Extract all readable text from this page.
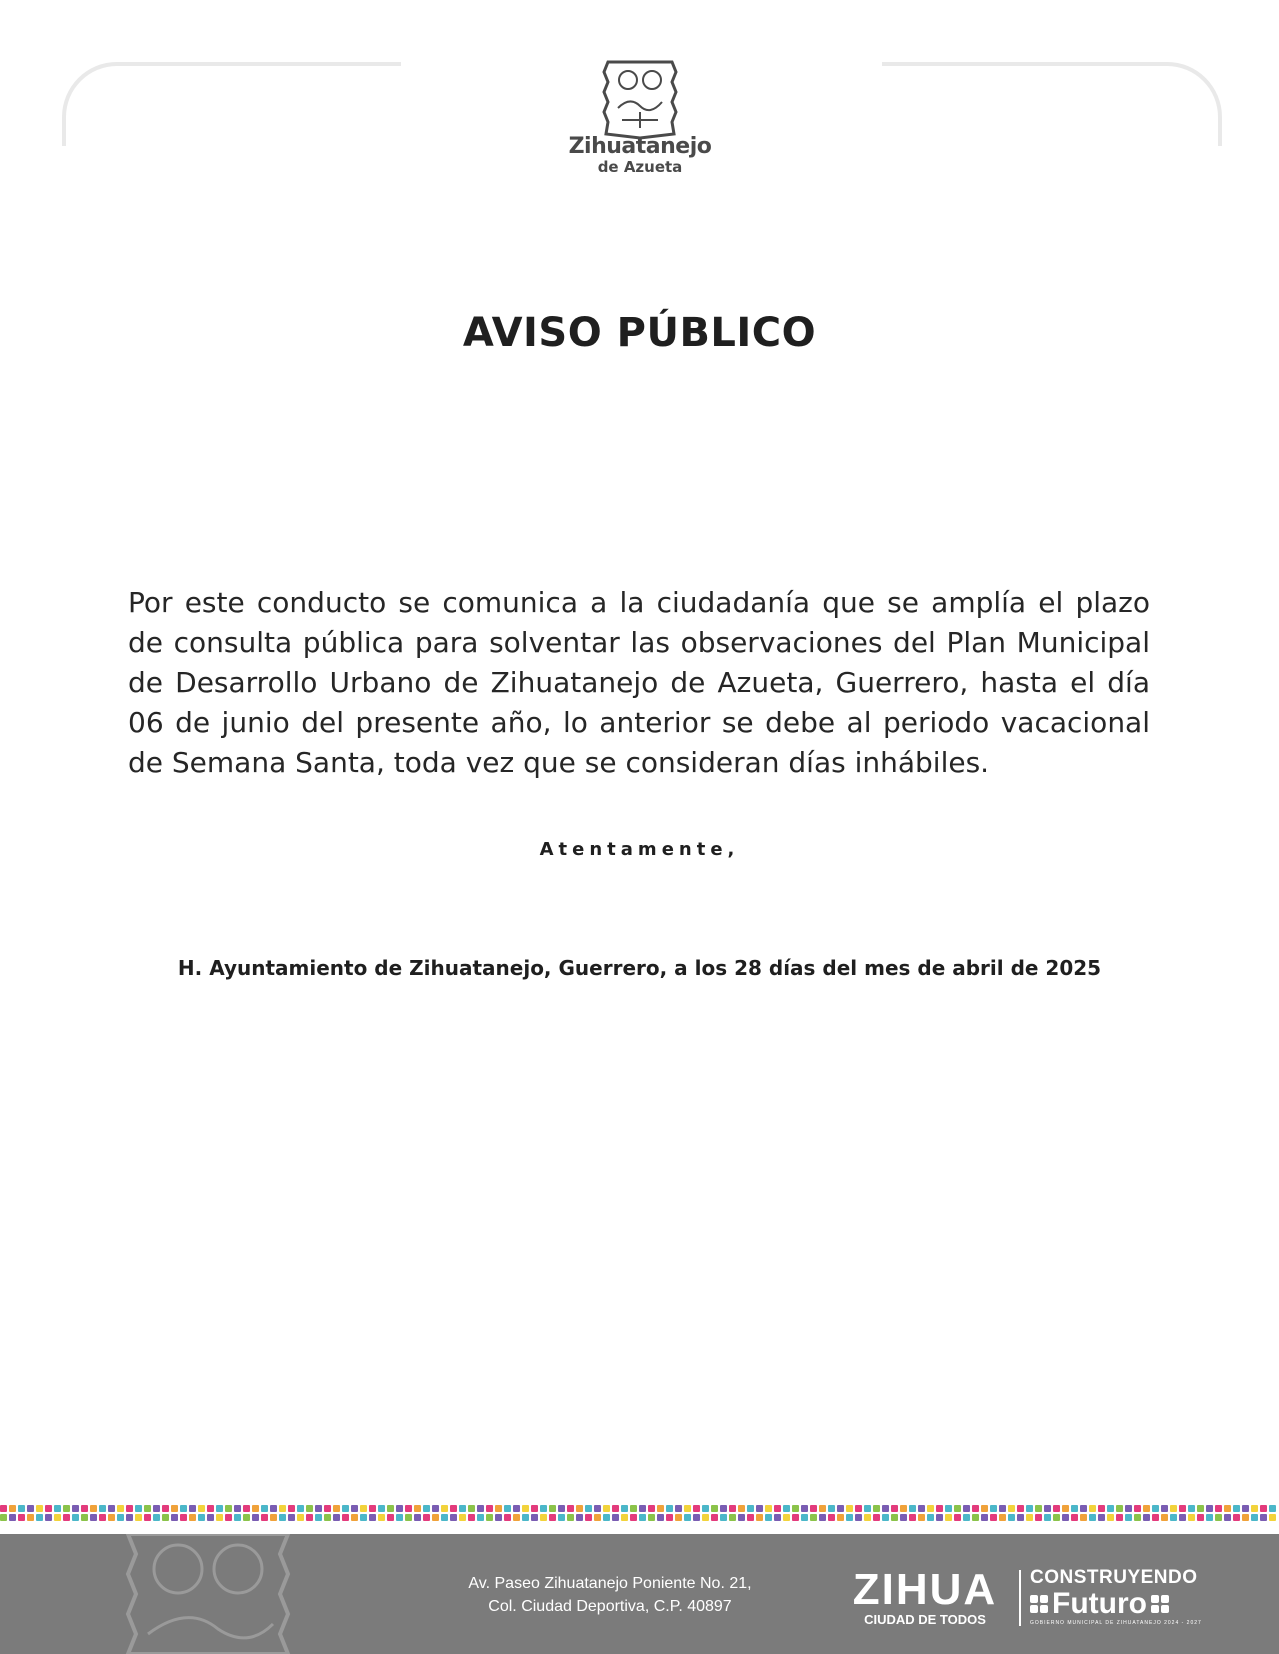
Zihuatanejo
de Azueta
AVISO PÚBLICO
Por este conducto se comunica a la ciudadanía que se amplía el plazo de consulta pública para solventar las observaciones del Plan Municipal de Desarrollo Urbano de Zihuatanejo de Azueta, Guerrero, hasta el día 06 de junio del presente año, lo anterior se debe al periodo vacacional de Semana Santa, toda vez que se consideran días inhábiles.
Atentamente,
H. Ayuntamiento de Zihuatanejo, Guerrero, a los 28 días del mes de abril de 2025
Av. Paseo Zihuatanejo Poniente No. 21,
Col. Ciudad Deportiva, C.P. 40897	ZIHUA
CIUDAD DE TODOS
CONSTRUYENDO
Futuro
GOBIERNO MUNICIPAL DE ZIHUATANEJO 2024 - 2027
